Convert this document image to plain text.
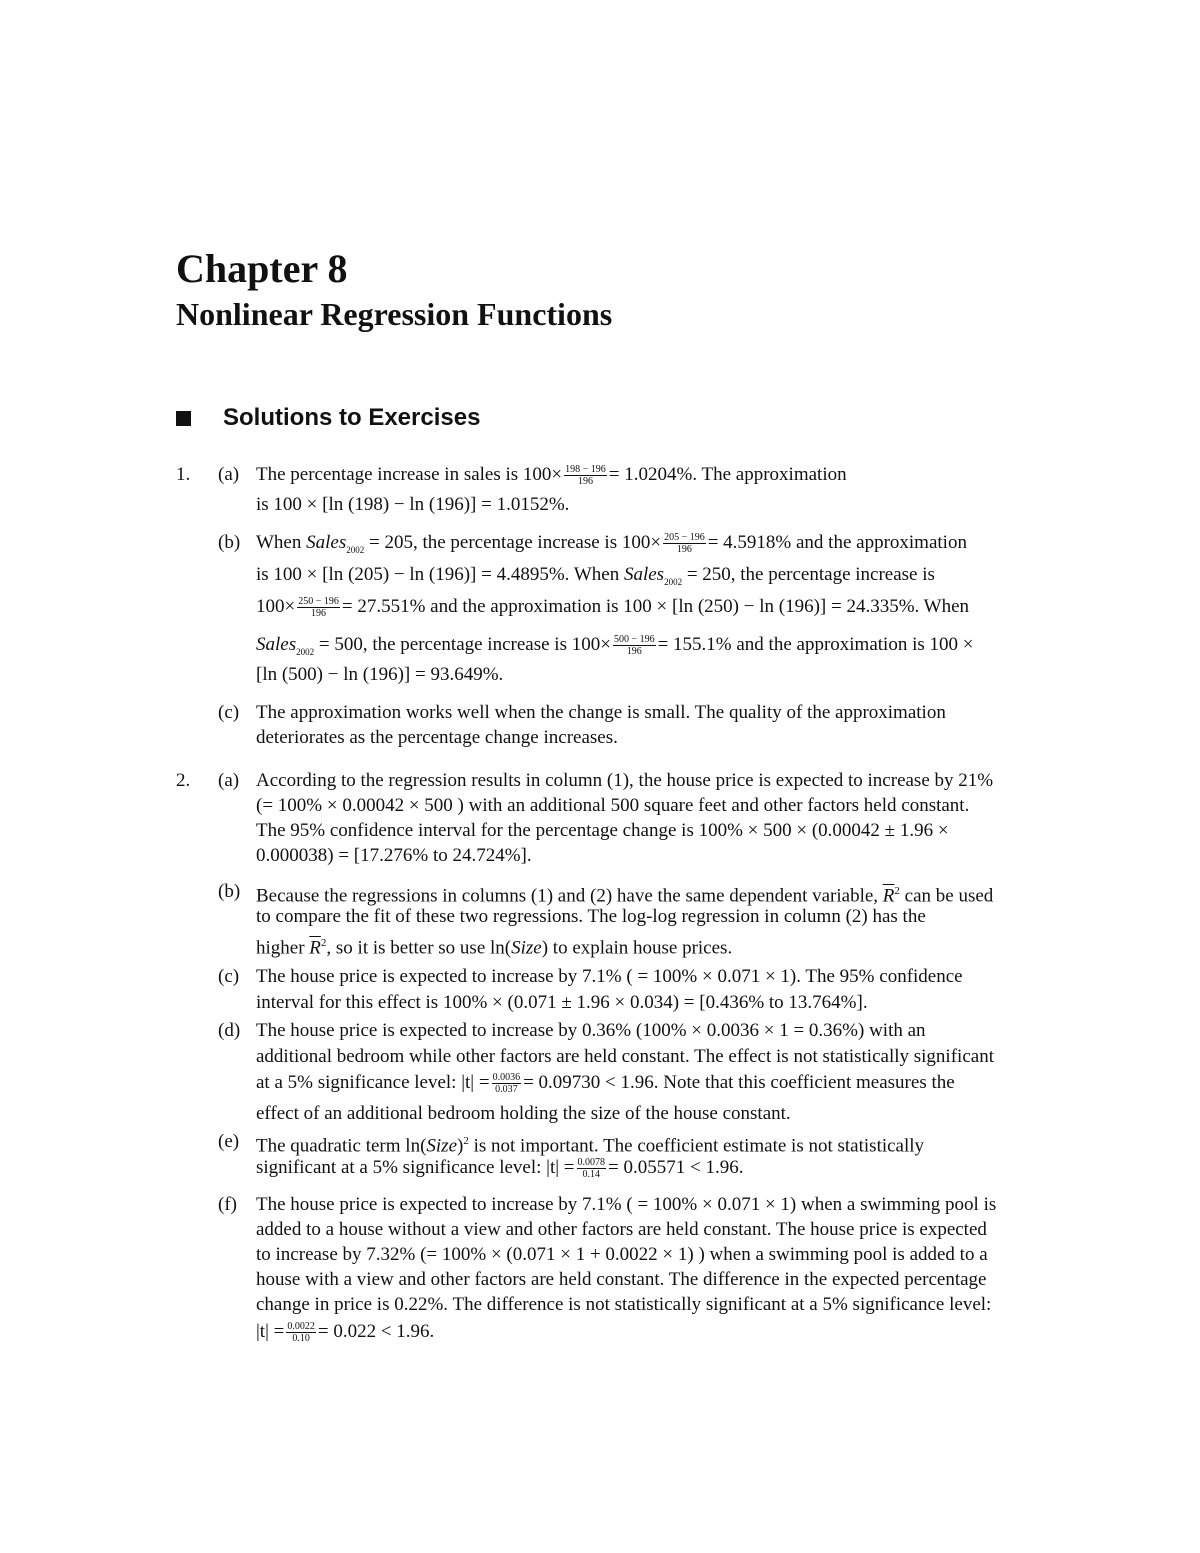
Chapter 8
Nonlinear Regression Functions
Solutions to Exercises
1. (a) The percentage increase in sales is $100\times \frac{198 - 196}{196} = 1.0204\%$. The approximation
is 100 × [ln (198) − ln (196)] = 1.0152%.
(b) When Sales$_{2002}$ = 205, the percentage increase is $100\times \frac{205 - 196}{196} = 4.5918\%$ and the approximation
is 100 × [ln (205) − ln (196)] = 4.4895%. When Sales$_{2002}$ = 250, the percentage increase is
$100\times \frac{250 - 196}{196} = 27.551\%$ and the approximation is 100 × [ln (250) − ln (196)] = 24.335%. When
Sales$_{2002}$ = 500, the percentage increase is $100\times \frac{500 - 196}{196} = 155.1\%$ and the approximation is 100 ×
[ln (500) − ln (196)] = 93.649%.
(c) The approximation works well when the change is small. The quality of the approximation
deteriorates as the percentage change increases.
2. (a) According to the regression results in column (1), the house price is expected to increase by 21%
(= 100% × 0.00042 × 500 ) with an additional 500 square feet and other factors held constant.
The 95% confidence interval for the percentage change is 100% × 500 × (0.00042 ± 1.96 ×
0.000038) = [17.276% to 24.724%].
(b) Because the regressions in columns (1) and (2) have the same dependent variable, $\overline{R}^2$ can be used
to compare the fit of these two regressions. The log-log regression in column (2) has the
higher $\overline{R}^2$, so it is better so use ln(Size) to explain house prices.
(c) The house price is expected to increase by 7.1% ( = 100% × 0.071 × 1). The 95% confidence
interval for this effect is 100% × (0.071 ± 1.96 × 0.034) = [0.436% to 13.764%].
(d) The house price is expected to increase by 0.36% (100% × 0.0036 × 1 = 0.36%) with an
additional bedroom while other factors are held constant. The effect is not statistically significant
at a 5% significance level: $|t| = \frac{0.0036}{0.037} = 0.09730 < 1.96$. Note that this coefficient measures the
effect of an additional bedroom holding the size of the house constant.
(e) The quadratic term ln(Size)$^2$ is not important. The coefficient estimate is not statistically
significant at a 5% significance level: $|t| = \frac{0.0078}{0.14} = 0.05571 < 1.96$.
(f) The house price is expected to increase by 7.1% ( = 100% × 0.071 × 1) when a swimming pool is
added to a house without a view and other factors are held constant. The house price is expected
to increase by 7.32% (= 100% × (0.071 × 1 + 0.0022 × 1) ) when a swimming pool is added to a
house with a view and other factors are held constant. The difference in the expected percentage
change in price is 0.22%. The difference is not statistically significant at a 5% significance level:
$|t| = \frac{0.0022}{0.10} = 0.022 < 1.96$.
